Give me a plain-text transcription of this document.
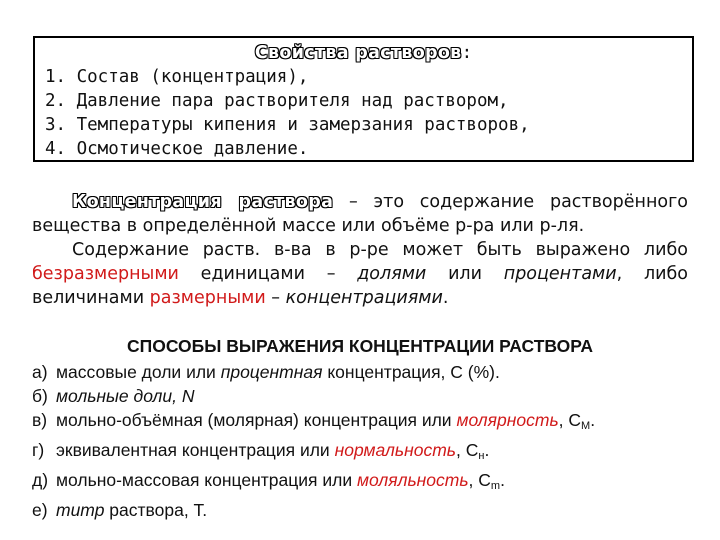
Свойства растворов:
1. Состав (концентрация),
2. Давление пара растворителя над раствором,
3. Температуры кипения и замерзания растворов,
4. Осмотическое давление.
Концентрация раствора – это содержание растворённого вещества в определённой массе или объёме р-ра или р-ля.
Содержание раств. в-ва в р-ре может быть выражено либо безразмерными единицами – долями или процентами, либо величинами размерными – концентрациями.
СПОСОБЫ ВЫРАЖЕНИЯ КОНЦЕНТРАЦИИ РАСТВОРА
а) массовые доли или процентная концентрация, С (%).
б) мольные доли, N
в) мольно-объёмная (молярная) концентрация или молярность, $С_М$.
г) эквивалентная концентрация или нормальность, $С_н$.
д) мольно-массовая концентрация или моляльность, $С_m$.
е) титр раствора, Т.
